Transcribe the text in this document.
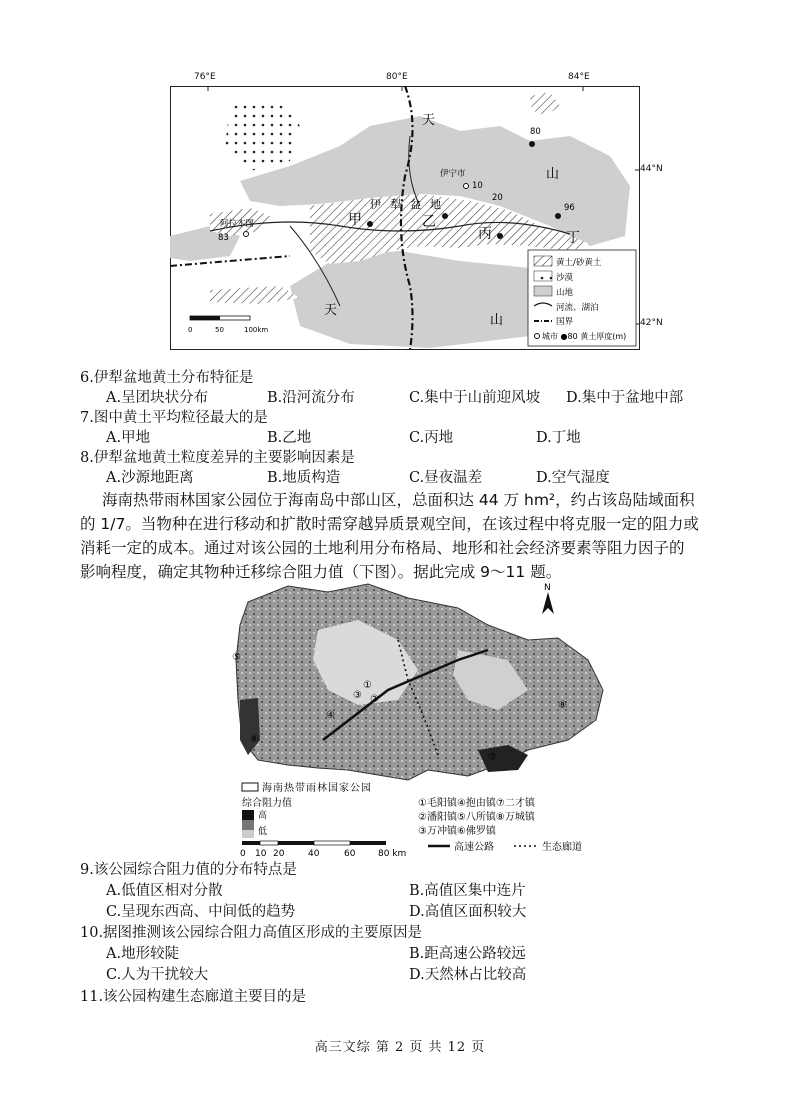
天
山
天
山
伊 犁 盆 地
伊宁市
阿拉木图	甲	乙
丙	丁
80
10
20
96
83
0	50	100km
黄土/砂黄土
沙漠
山地
河流、湖泊
国界
城市 ●80 黄土厚度(m)
76°E	80°E	84°E
44°N
42°N
6.伊犁盆地黄土分布特征是
A.呈团块状分布	B.沿河流分布	C.集中于山前迎风坡 D.集中于盆地中部
7.图中黄土平均粒径最大的是
A.甲地	B.乙地	C.丙地	D.丁地
8.伊犁盆地黄土粒度差异的主要影响因素是
A.沙源地距离	B.地质构造	C.昼夜温差	D.空气湿度
海南热带雨林国家公园位于海南岛中部山区，总面积达 44 万 hm²，约占该岛陆域面积
的 1/7。当物种在进行移动和扩散时需穿越异质景观空间，在该过程中将克服一定的阻力或
消耗一定的成本。通过对该公园的土地利用分布格局、地形和社会经济要素等阻力因子的
影响程度，确定其物种迁移综合阻力值（下图）。据此完成 9～11 题。
N
①
②
③
④
⑤
⑥
⑦
⑧
海南热带雨林国家公园
综合阻力值
高
低
0 10 20	40	60	80 km
①毛阳镇④抱由镇⑦二才镇
②潘阳镇⑤八所镇⑧万城镇
③万冲镇⑥佛罗镇
高速公路	生态廊道
9.该公园综合阻力值的分布特点是
A.低值区相对分散	B.高值区集中连片
C.呈现东西高、中间低的趋势	D.高值区面积较大
10.据图推测该公园综合阻力高值区形成的主要原因是
A.地形较陡	B.距高速公路较远
C.人为干扰较大	D.天然林占比较高
11.该公园构建生态廊道主要目的是
高三文综 第 2 页 共 12 页
